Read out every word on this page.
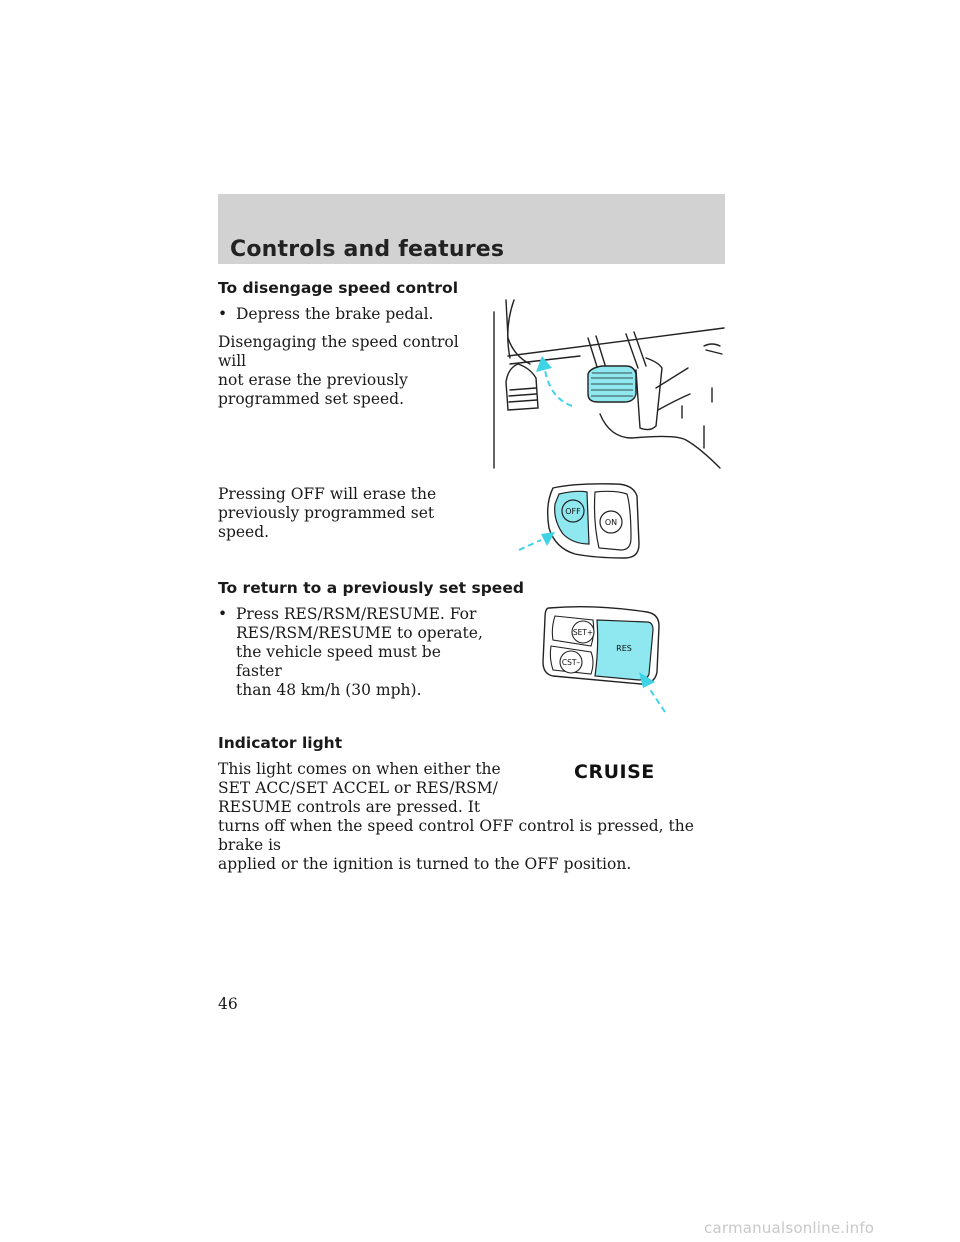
Controls and features
To disengage speed control
• Depress the brake pedal.
Disengaging the speed control will
not erase the previously
programmed set speed.
Pressing OFF will erase the
previously programmed set speed.
OFF
ON
To return to a previously set speed
• Press RES/RSM/RESUME. For
RES/RSM/RESUME to operate,
the vehicle speed must be faster
than 48 km/h (30 mph).
SET+
CST–
RES
Indicator light
This light comes on when either the
SET ACC/SET ACCEL or RES/RSM/
RESUME controls are pressed. It
turns off when the speed control OFF control is pressed, the brake is
applied or the ignition is turned to the OFF position.
CRUISE
46
carmanualsonline.info
